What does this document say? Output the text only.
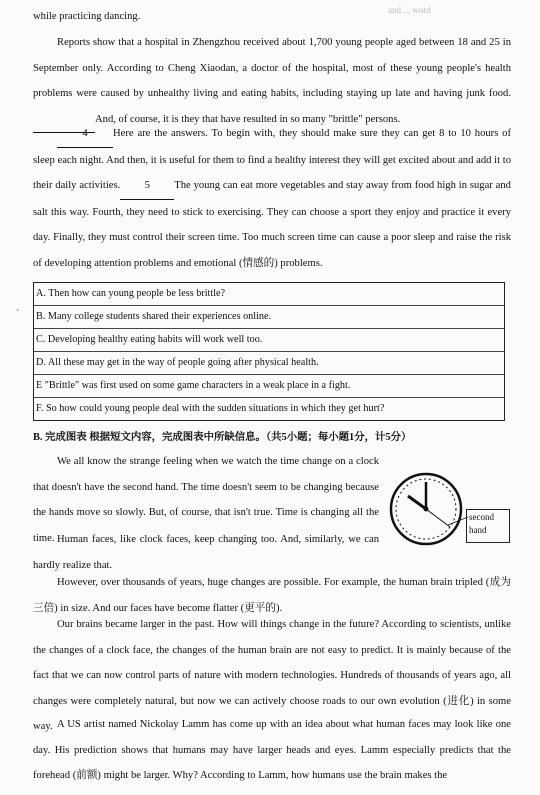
and ... word
while practicing dancing.
Reports show that a hospital in Zhengzhou received about 1,700 young people aged between 18 and 25 in September only. According to Cheng Xiaodan, a doctor of the hospital, most of these young people's health problems were caused by unhealthy living and eating habits, including staying up late and having junk food. And, of course, it is they that have resulted in so many "brittle" persons.
4 Here are the answers. To begin with, they should make sure they can get 8 to 10 hours of sleep each night. And then, it is useful for them to find a healthy interest they will get excited about and add it to their daily activities. 5 The young can eat more vegetables and stay away from food high in sugar and salt this way. Fourth, they need to stick to exercising. They can choose a sport they enjoy and practice it every day. Finally, they must control their screen time. Too much screen time can cause a poor sleep and raise the risk of developing attention problems and emotional (情感的) problems.
`
A. Then how can young people be less brittle?
B. Many college students shared their experiences online.
C. Developing healthy eating habits will work well too.
D. All these may get in the way of people going after physical health.
E "Brittle" was first used on some game characters in a weak place in a fight.
F. So how could young people deal with the sudden situations in which they get hurt?
B. 完成图表 根据短文内容，完成图表中所缺信息。（共5小题；每小题1分，计5分）
We all know the strange feeling when we watch the time change on a clock that doesn't have the second hand. The time doesn't seem to be changing because the hands move so slowly. But, of course, that isn't true. Time is changing all the time.
second hand
Human faces, like clock faces, keep changing too. And, similarly, we can hardly realize that.
However, over thousands of years, huge changes are possible. For example, the human brain tripled (成为三倍) in size. And our faces have become flatter (更平的).
Our brains became larger in the past. How will things change in the future? According to scientists, unlike the changes of a clock face, the changes of the human brain are not easy to predict. It is mainly because of the fact that we can now control parts of nature with modern technologies. Hundreds of thousands of years ago, all changes were completely natural, but now we can actively choose roads to our own evolution (进化) in some way. A US artist named Nickolay Lamm has come up with an idea about what human faces may look like one day. His prediction shows that humans may have larger heads and eyes. Lamm especially predicts that the forehead (前额) might be larger. Why? According to Lamm, how humans use the brain makes the
